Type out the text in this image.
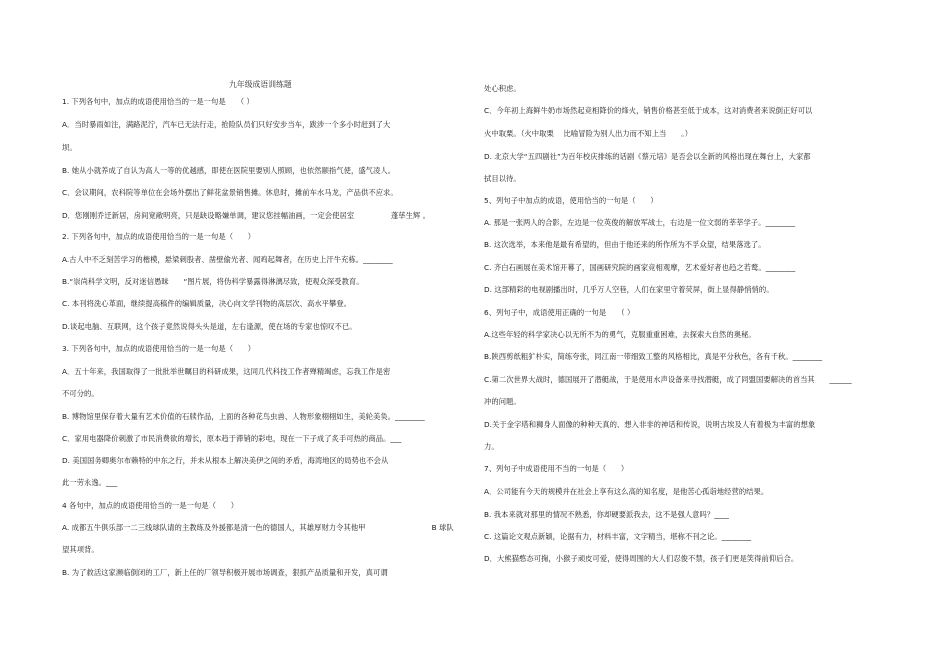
九年级成语训练题
1. 下列各句中，加点的成语使用恰当的一是一句是　　（ ）
A．当时暴雨如注，满路泥泞，汽车已无法行走，抢险队员们只好安步当车，跋涉一个多小时赶到了大
坝。
B. 她从小就养成了自认为高人一等的优越感，即使在医院里要别人照顾，也依然颐指气使，盛气凌人。
C．会议期间，农科院等单位在会场外摆出了鲜花盆景销售摊。休息时，摊前车水马龙，产品供不应求。
D．您刚刚乔迁新居，房间宽敞明亮，只是缺设略嫌单调，建议您挂幅油画，一定会使居室　　　　　蓬荜生辉 。
2. 下列各句中，加点的成语使用恰当的一是一句是（　　）
A.古人中不乏刻苦学习的楷模，悬梁刺股者、凿壁偷光者、闻鸡起舞者，在历史上汗牛充栋。________
B.“崇尚科学文明，反对迷信愚昧　　“图片展，将伪科学暴露得淋漓尽致，使观众深受教育。
C. 本刊将洗心革面，继续提高稿件的编辑质量，决心向文学刊物的高层次、高水平攀登。
D.谈起电脑、互联网，这个孩子竟然说得头头是道，左右逢源，使在场的专家也惊叹不已。
3. 下列各句中，加点的成语使用恰当的一是一句是（　　）
A．五十年来，我国取得了一批批举世瞩目的科研成果，这同几代科技工作者殚精竭虑，忘我工作是密
不可分的。
B. 博物馆里保存着大量有艺术价值的石牍作品，上面的各种花鸟虫兽、人物形象栩栩如生，美轮美奂。________
C．家用电器降价刺激了市民消费欲的增长，原本趋于滞销的彩电，现在一下子成了炙手可热的商品。___
D. 美国国务卿奥尔布赖特的中东之行，并未从根本上解决美伊之间的矛盾，海湾地区的局势也不会从
此一劳永逸。___
4 各句中，加点的成语使用恰当的一是一句是（　　）
A. 成都五牛俱乐部一二三线球队请的主教练及外援都是清一色的德国人，其雄厚财力令其他甲　　　　　　　　　B 球队
望其项背。
B. 为了救活这家濒临倒闭的工厂，新上任的厂领导积极开展市场调查，狠抓产品质量和开发，真可谓
处心积虑。
C．今年初上海鲜牛奶市场然起竞相降价的烽火，销售价格甚至低于成本，这对消费者来说倒正好可以
火中取栗。（火中取栗　 比喻冒险为别人出力而不知上当　　。）
D. 北京大学“五四剧社”为百年校庆排练的话剧《蔡元培》是否会以全新的风格出现在舞台上，大家都
拭目以待。
5、列句子中加点的成语，使用恰当的一句是（　　）
A. 那是一张两人的合影，左边是一位英俊的解放军战士，右边是一位文弱的莘莘学子。________
B. 这次选举，本来他是最有希望的，但由于他还来的所作所为不孚众望，结果落选了。
C. 齐白石画展在美术馆开幕了，国画研究院的画家竞相观摩，艺术爱好者也趋之若鹜。________
D. 这部精彩的电视剧播出时，几乎万人空巷，人们在家里守着荧屏，街上显得静悄悄的。
6、列句子中，成语使用正确的一句是　　（ ）
A.这些年轻的科学家决心以无所不为的勇气，克服重重困难，去探索大自然的奥秘。
B.陕西剪纸粗犷朴实，简练夸张，同江南一带细致工整的风格相比，真是平分秋色，各有千秋。________
C.第二次世界大战时，德国展开了潜艇战，于是使用水声设备来寻找潜艇，成了同盟国要解决的首当其　　______
冲的问题。
D.关于金字塔和狮身人面像的种种天真的、想入非非的神话和传说，说明古埃及人有着极为丰富的想象
力。
7、列句子中成语使用不当的一句是（　　）
A．公司能有今天的规模并在社会上享有这么高的知名度，是他苦心孤诣地经营的结果。
B. 我本来就对那里的情况不熟悉，你却硬要派我去，这不是强人意吗？____
C. 这篇论文观点新颖，论据有力，材料丰富，文字精当，堪称不刊之论。________
D．大熊猫憨态可掬，小猴子顽皮可爱，使得周围的大人们忍俊不禁，孩子们更是笑得前仰后合。
